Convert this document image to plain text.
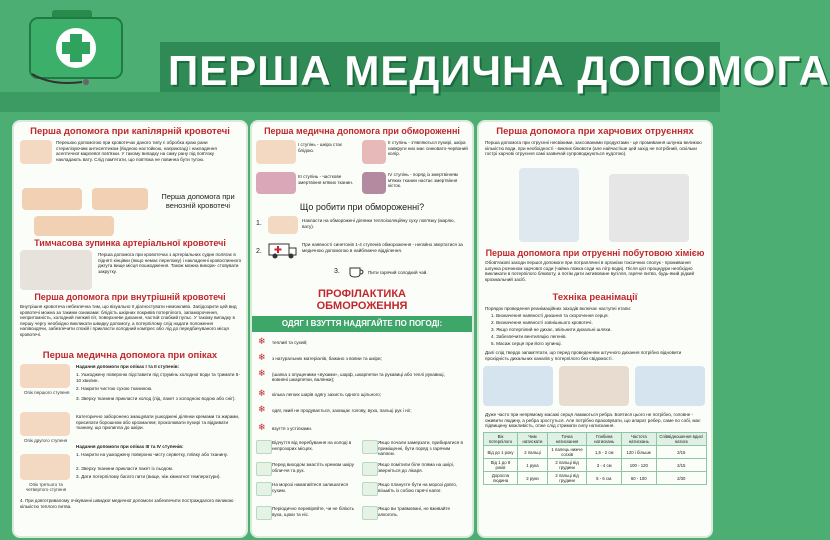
ПЕРША МЕДИЧНА ДОПОМОГА

Перша допомога при капілярній кровотечі

Перешою допомогою при кровотечах даного типу є обробка краю рани стерилізуючим антисептиком (йодною настойкою, наприклад) і накладення асептичної марлевої пов'язки. У такому випадку на саму рану під пов'язку накладають вату. Слід пам'ятати, що пов'язка не повинна бути тугою.
Перша допомога при венозній кровотечі

Тимчасова зупинка артеріальної кровотечі

Перша допомога при кровотечах з артеріальних судин полягає в підняті кінцівки (якщо немає перелому) і накладенні кровоспинного джгута вище місця пошкодження. Також можна викори- стовувати закрутку.

Перша допомога при внутрішній кровотечі

Внутрішня кровотеча небезпечна тим, що візуально її діагностувати неможливо. Запідозрити цей вид кровотечі можна за такими ознаками: блідість шкірних покривів потерпілого, запаморочення, непритомність, холодний липкий піт, поверхневе дихання, частий слабкий пульс. У такому випадку в першу чергу необхідно викликати швидку допомогу, а потерпілому слід надати положення напівсидячи, забезпечити спокій і прикласти холодний компрес або лід до передбачуваного місця кровотечі.

Перша медична допомога при опіках

Опік першого ступеня
Опік другого ступеня
Опік третього та четвертого ступеня
Надання допомоги при опіках І та ІІ ступенів:
1. Ушкоджену поверхню підставити під струмінь холодної води та тримати 5-10 хвилин.
2. Накрити чистою сухою тканиною.
3. Зверху тканини прикласти холод (лід, пакет з холодною водою або сніг).
Категорично заборонено змащувати ушкоджені ділянки кремами та жирами, присипати борошном або крохмалем; проколювати пухирі та відривати тканину, що прилипла до шкіри.
Надання допомоги при опіках ІІІ та IV ступенів:
1. Накрити на ушкоджену поверхню чисту серветку, плівку або тканину.
2. Зверху тканини прикласти пакет із льодом.
3. Дати потерпілому багато пити (вище, ніж кімнатної температури).
4. При довготривалому очікуванні швидкої медичної допомоги забезпечити постраждалого великою кількістю теплого питва.

Перша медична допомога при обмороженні

І ступінь - шкіра стає блідою.
ІІ ступінь - з'являються пухирі, шкіра навкруги них має синювато-червоний колір.
ІІІ ступінь - часткове змертвіння м'яких тканин.
IV ступінь - поряд із змертвінням м'яких тканин настає змертвіння кісток.
Що робити при обмороженні?
1.	Накласти на обморожені ділянки теплоізоляційну суху пов'язку (марлю, вату).
2.
При наявності синетонів 1-4 ступенів обмороження - негайно звертатися за медичною допомогою в найближче відділення.
3.	Пити гарячий солодкий чай.
ПРОФІЛАКТИКА ОБМОРОЖЕННЯ
ОДЯГ І ВЗУТТЯ НАДЯГАЙТЕ ПО ПОГОДІ:
❄ теплий та сухий;
❄ з натуральних матеріалів, бажано з вовни та шкіри;
❄ (шапка з опущеними «вухами», шарф, шкарпетки та рукавиці або теплі рукавиці, вовняні шкарпетки, валянки);
❄ кілька легких шарів одягу захисть одного щільного;
❄ одяг, який не продувається, захищає голову, вуха, пальці рук і ніг;
❄ взуття з устілками.
Відчуття від перебування на холоді в непрозорих місцях.
Якщо почали замерзати, прибиратися в приміщенні, бути поряд з гарячим напоєм.
Перед виходом змастіть кремом шкіру обличчя та рук.
Якщо помітили біле пляма на шкірі, зверніться до лікаря.
На морозі намагайтеся залишатися сухим.
Якщо плануєте бути на морозі довго, візьміть із собою гарячі напої.
Періодично перевіряйте, чи не біліють вуха, щоки та ніс.
Якщо ви травмовані, не вживайте алкоголь.

Перша допомога при харчових отруєннях

Перша допомога при отруєнні несвіжими, заєсованими продуктами - це промивання шлунка великою кількістю води, при необхідності - виклик блювоти (але найчастіше цей захід не потрібний, оскільки гострі харчові отруєння самі зазвичай супроводжуються нудотою).

Перша допомога при отруєнні побутовою хімією

Обов'язкові заходи першої допомоги при потраплянні в організм токсичних сполук - промивання шлунка розчином харчової соди (чайна ложка соди на літр води). Після цієї процедури необхідно викликати в потерпілого блювоту, а потім дати активоване вугілля, гаряче питво, будь-який рідкий крохмальний засіб.

Техніка реанімації

Порядок проведення реанімаційних заходів включає наступні етапи:
1. Визначення наявності дихання та скорочення серця.
2. Визначення наявності зовнішнього кровотечі.
3. Якщо потерпілий не дихає, звільнити дихальні шляхи.
4. Забезпечити вентиляцію легенів.
5. Масаж серця при його зупинці.
Далі слід твердо запам'ятати, що перед проведенням штучного дихання потрібно відновити прохідність дихальних каналів у потерпілого без свідомості.
Дуже часто при непрямому масажі серця ламаються ребра. Боятися цього не потрібно, головне - оживити людину, а ребра зростуться. Але потрібно враховувати, що апарат ребер, саме по собі, має підвищену можливість, отже слід стримати силу натискання.
Вік потерпілого	Чим натискати	Точка натискання	Глибина натискань	Частота натискань	Співвідношення вдих/натиск
Від до 1 року	2 пальці	1 палець нижче сосків	1,5 - 2 см	120 і більше	2/15
Від 1 до 8 років	1 рука	2 пальці від грудини	3 - 4 см	100 - 120	2/15
Доросла людина	2 руки	2 пальці від грудини	5 - 6 см.	60 - 100	2/30
